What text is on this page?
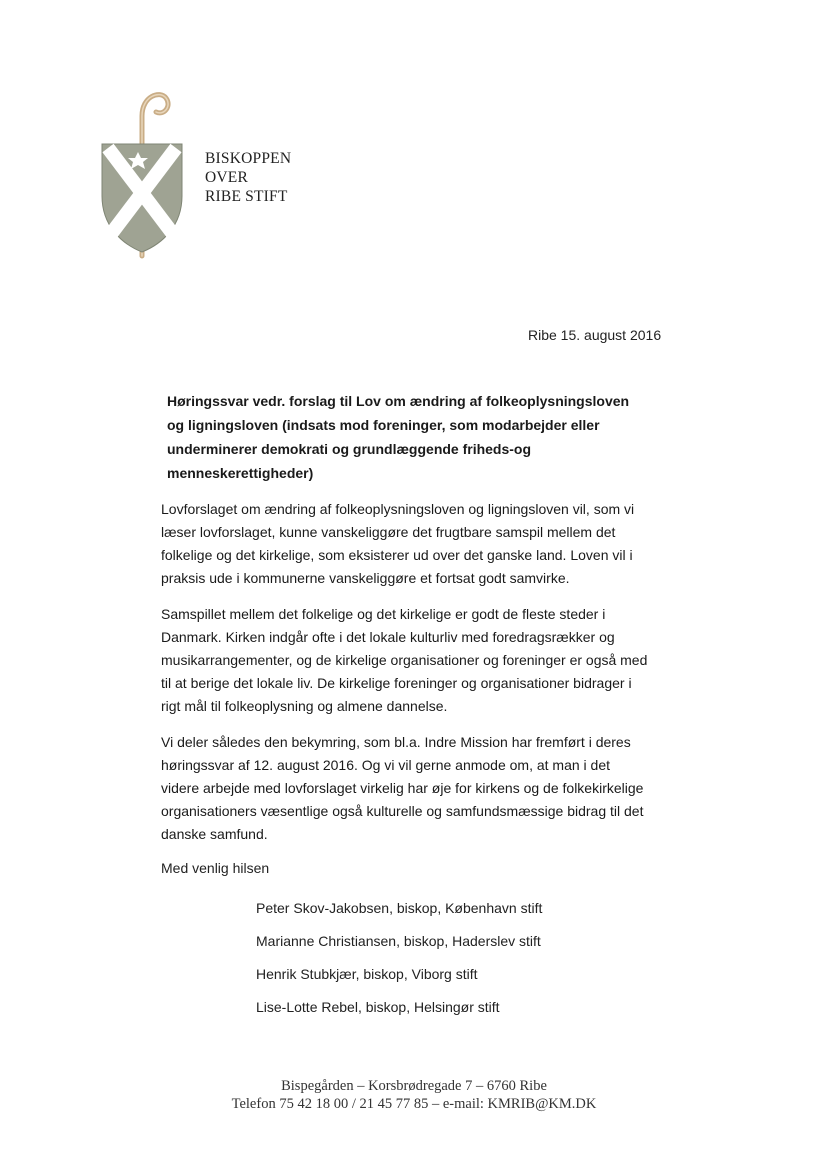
BISKOPPEN
OVER
RIBE STIFT
Ribe 15. august 2016

Høringssvar vedr. forslag til Lov om ændring af folkeoplysningsloven og ligningsloven (indsats mod foreninger, som modarbejder eller underminerer demokrati og grundlæggende friheds-og menneskerettigheder)

Lovforslaget om ændring af folkeoplysningsloven og ligningsloven vil, som vi læser lovforslaget, kunne vanskeliggøre det frugtbare samspil mellem det folkelige og det kirkelige, som eksisterer ud over det ganske land. Loven vil i praksis ude i kommunerne vanskeliggøre et fortsat godt samvirke.

Samspillet mellem det folkelige og det kirkelige er godt de fleste steder i Danmark. Kirken indgår ofte i det lokale kulturliv med foredragsrækker og musikarrangementer, og de kirkelige organisationer og foreninger er også med til at berige det lokale liv. De kirkelige foreninger og organisationer bidrager i rigt mål til folkeoplysning og almene dannelse.

Vi deler således den bekymring, som bl.a. Indre Mission har fremført i deres høringssvar af 12. august 2016. Og vi vil gerne anmode om, at man i det videre arbejde med lovforslaget virkelig har øje for kirkens og de folkekirkelige organisationers væsentlige også kulturelle og samfundsmæssige bidrag til det danske samfund.

Med venlig hilsen
Peter Skov-Jakobsen, biskop, København stift
Marianne Christiansen, biskop, Haderslev stift
Henrik Stubkjær, biskop, Viborg stift
Lise-Lotte Rebel, biskop, Helsingør stift
Bispegården – Korsbrødregade 7 – 6760 Ribe
Telefon 75 42 18 00 / 21 45 77 85 – e-mail: KMRIB@KM.DK
